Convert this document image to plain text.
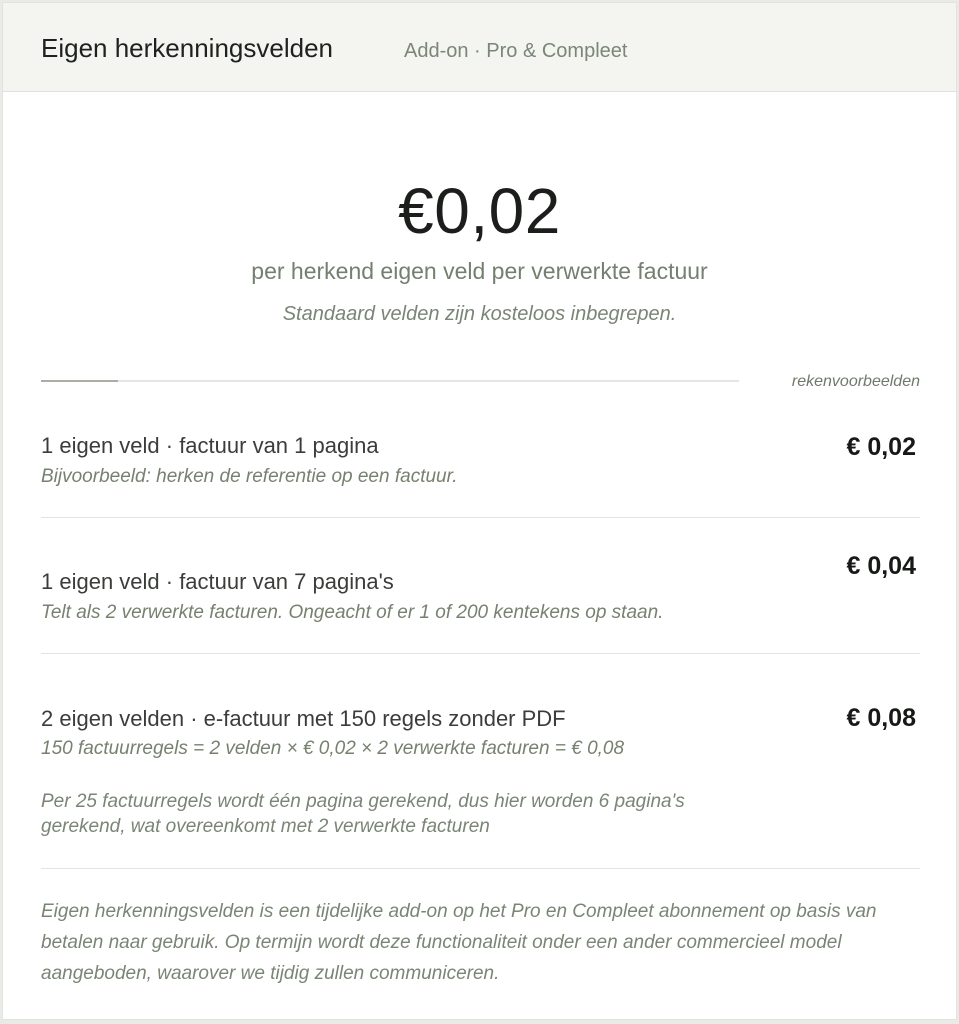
Eigen herkenningsvelden	Add-on · Pro & Compleet
€0,02
per herkend eigen veld per verwerkte factuur
Standaard velden zijn kosteloos inbegrepen.
rekenvoorbeelden
1 eigen veld · factuur van 1 pagina
Bijvoorbeeld: herken de referentie op een factuur.
€ 0,02
1 eigen veld · factuur van 7 pagina's
Telt als 2 verwerkte facturen. Ongeacht of er 1 of 200 kentekens op staan.
€ 0,04
2 eigen velden · e-factuur met 150 regels zonder PDF
150 factuurregels = 2 velden × € 0,02 × 2 verwerkte facturen = € 0,08
€ 0,08
Per 25 factuurregels wordt één pagina gerekend, dus hier worden 6 pagina's gerekend, wat overeenkomt met 2 verwerkte facturen
Eigen herkenningsvelden is een tijdelijke add-on op het Pro en Compleet abonnement op basis van betalen naar gebruik. Op termijn wordt deze functionaliteit onder een ander commercieel model aangeboden, waarover we tijdig zullen communiceren.
